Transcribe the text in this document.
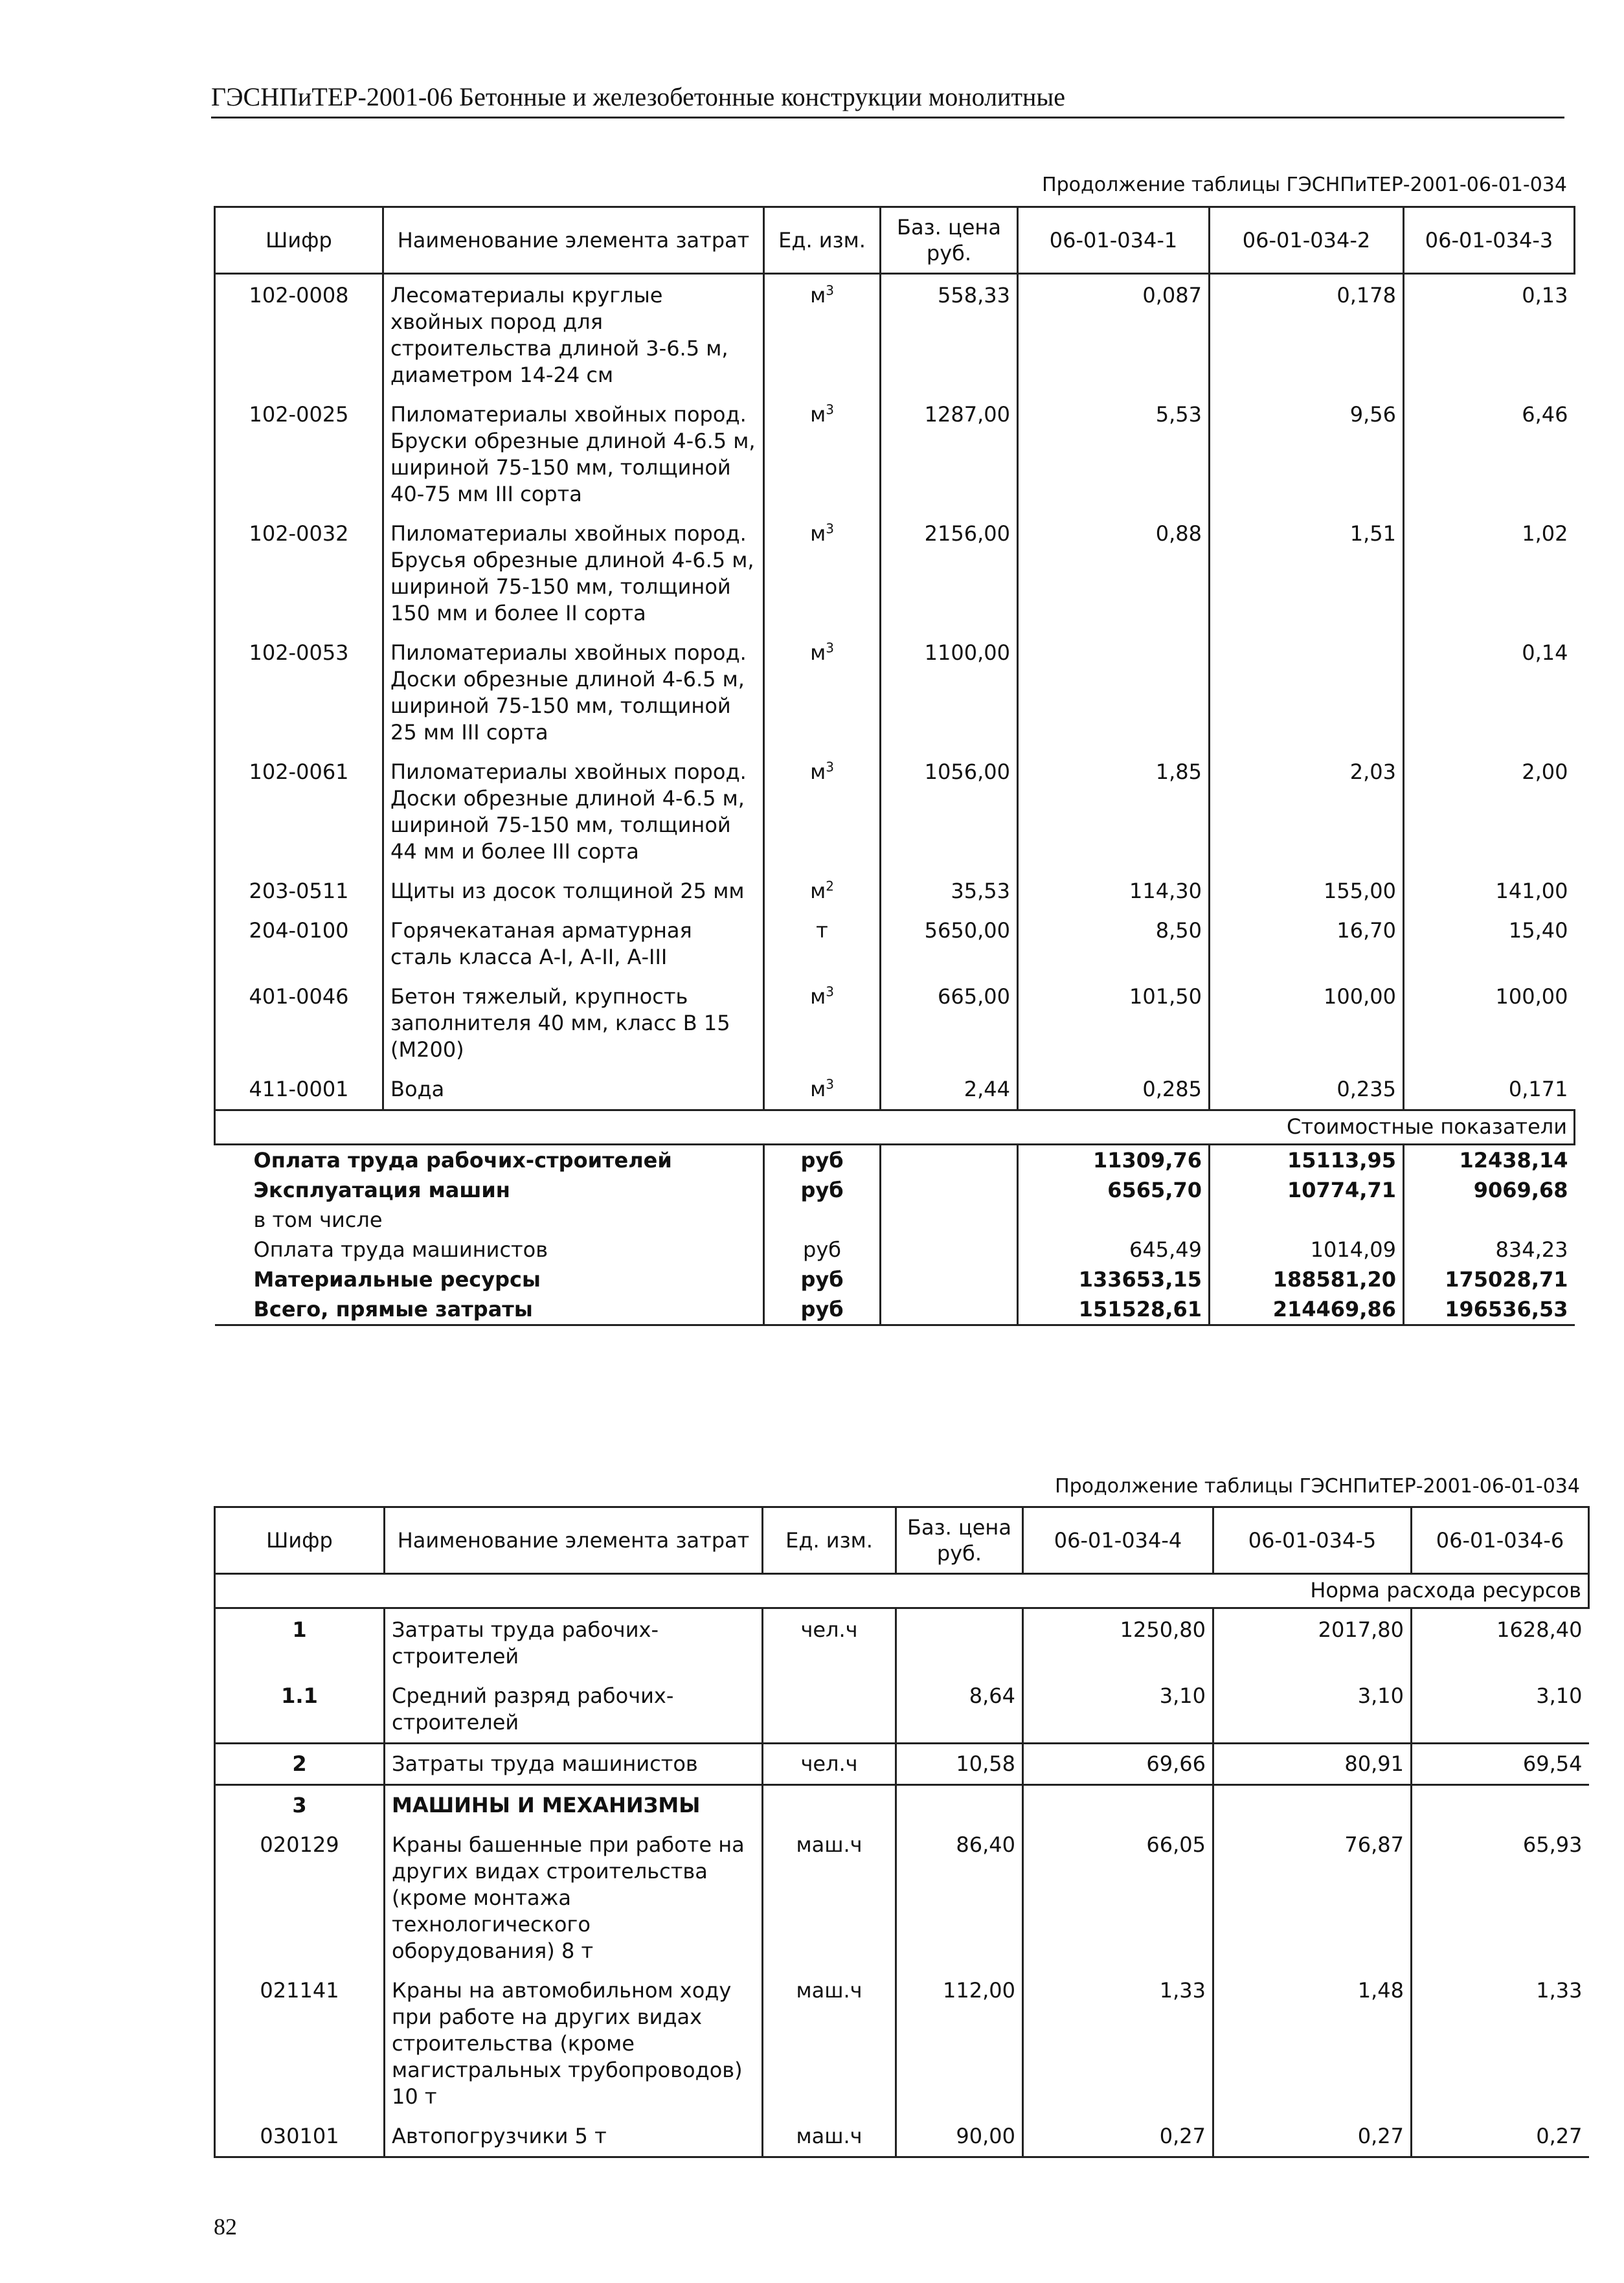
ГЭСНПиТЕР-2001-06 Бетонные и железобетонные конструкции монолитные
Продолжение таблицы ГЭСНПиТЕР-2001-06-01-034
Шифр	Наименование элемента затрат	Ед. изм.	Баз. цена руб.	06-01-034-1	06-01-034-2	06-01-034-3
102-0008	Лесоматериалы круглые хвойных пород для строительства длиной 3-6.5 м, диаметром 14-24 см	$м^3$	558,33	0,087	0,178	0,13
102-0025	Пиломатериалы хвойных пород. Бруски обрезные длиной 4-6.5 м, шириной 75-150 мм, толщиной 40-75 мм III сорта	$м^3$	1287,00	5,53	9,56	6,46
102-0032	Пиломатериалы хвойных пород. Брусья обрезные длиной 4-6.5 м, шириной 75-150 мм, толщиной 150 мм и более II сорта	$м^3$	2156,00	0,88	1,51	1,02
102-0053	Пиломатериалы хвойных пород. Доски обрезные длиной 4-6.5 м, шириной 75-150 мм, толщиной 25 мм III сорта	$м^3$	1100,00			0,14
102-0061	Пиломатериалы хвойных пород. Доски обрезные длиной 4-6.5 м, шириной 75-150 мм, толщиной 44 мм и более III сорта	$м^3$	1056,00	1,85	2,03	2,00
203-0511	Щиты из досок толщиной 25 мм	$м^2$	35,53	114,30	155,00	141,00
204-0100	Горячекатаная арматурная сталь класса А-I, А-II, А-III	т	5650,00	8,50	16,70	15,40
401-0046	Бетон тяжелый, крупность заполнителя 40 мм, класс В 15 (М200)	$м^3$	665,00	101,50	100,00	100,00
411-0001	Вода	$м^3$	2,44	0,285	0,235	0,171
Стоимостные показатели						
Оплата труда рабочих-строителей		руб		11309,76	15113,95	12438,14
Эксплуатация машин		руб		6565,70	10774,71	9069,68
в том числе						
Оплата труда машинистов		руб		645,49	1014,09	834,23
Материальные ресурсы		руб		133653,15	188581,20	175028,71
Всего, прямые затраты		руб		151528,61	214469,86	196536,53
Продолжение таблицы ГЭСНПиТЕР-2001-06-01-034
Шифр	Наименование элемента затрат	Ед. изм.	Баз. цена руб.	06-01-034-4	06-01-034-5	06-01-034-6
Норма расхода ресурсов						
1	Затраты труда рабочих-строителей	чел.ч		1250,80	2017,80	1628,40
1.1	Средний разряд рабочих-строителей		8,64	3,10	3,10	3,10
2	Затраты труда машинистов	чел.ч	10,58	69,66	80,91	69,54
3	МАШИНЫ И МЕХАНИЗМЫ					
020129	Краны башенные при работе на других видах строительства (кроме монтажа технологического оборудования) 8 т	маш.ч	86,40	66,05	76,87	65,93
021141	Краны на автомобильном ходу при работе на других видах строительства (кроме магистральных трубопроводов) 10 т	маш.ч	112,00	1,33	1,48	1,33
030101	Автопогрузчики 5 т	маш.ч	90,00	0,27	0,27	0,27
82
